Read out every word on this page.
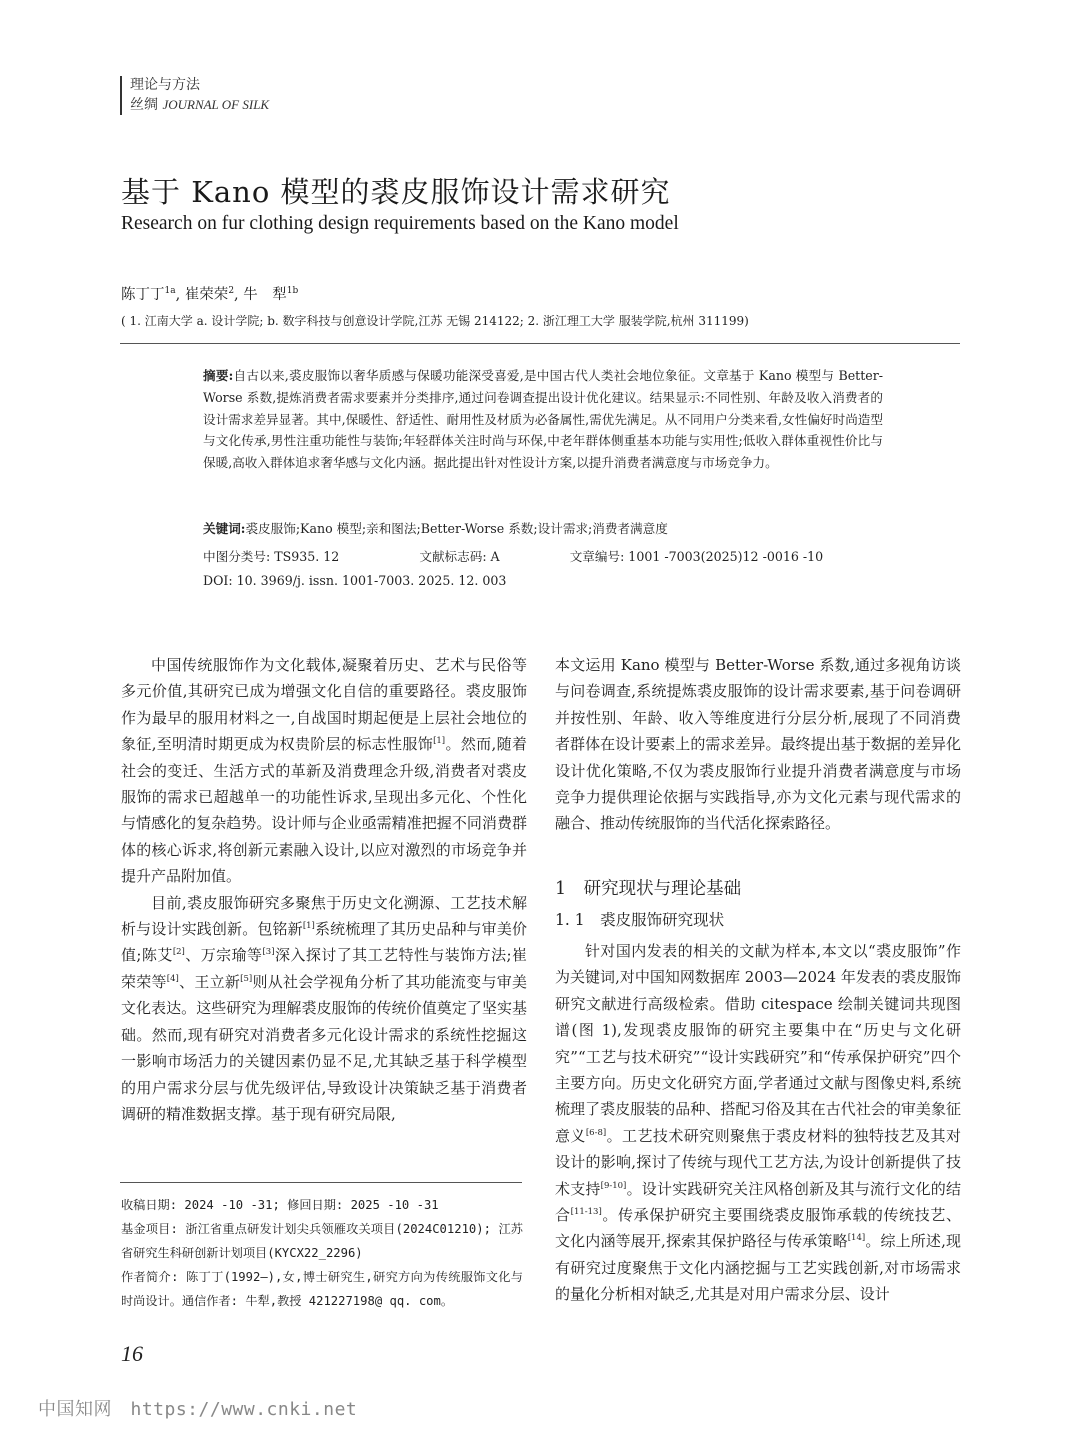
理论与方法
丝绸 JOURNAL OF SILK
基于 Kano 模型的裘皮服饰设计需求研究
Research on fur clothing design requirements based on the Kano model
陈丁丁$^{1a}$, 崔荣荣$^2$, 牛　犁$^{1b}$
( 1. 江南大学 a. 设计学院; b. 数字科技与创意设计学院,江苏 无锡 214122; 2. 浙江理工大学 服装学院,杭州 311199)
摘要:自古以来,裘皮服饰以奢华质感与保暖功能深受喜爱,是中国古代人类社会地位象征。文章基于 Kano 模型与 Better-Worse 系数,提炼消费者需求要素并分类排序,通过问卷调查提出设计优化建议。结果显示:不同性别、年龄及收入消费者的设计需求差异显著。其中,保暖性、舒适性、耐用性及材质为必备属性,需优先满足。从不同用户分类来看,女性偏好时尚造型与文化传承,男性注重功能性与装饰;年轻群体关注时尚与环保,中老年群体侧重基本功能与实用性;低收入群体重视性价比与保暖,高收入群体追求奢华感与文化内涵。据此提出针对性设计方案,以提升消费者满意度与市场竞争力。
关键词:裘皮服饰;Kano 模型;亲和图法;Better-Worse 系数;设计需求;消费者满意度
中图分类号: TS935. 12	文献标志码: A	文章编号: 1001 -7003(2025)12 -0016 -10
DOI: 10. 3969/j. issn. 1001-7003. 2025. 12. 003

中国传统服饰作为文化载体,凝聚着历史、艺术与民俗等多元价值,其研究已成为增强文化自信的重要路径。裘皮服饰作为最早的服用材料之一,自战国时期起便是上层社会地位的象征,至明清时期更成为权贵阶层的标志性服饰[1]。然而,随着社会的变迁、生活方式的革新及消费理念升级,消费者对裘皮服饰的需求已超越单一的功能性诉求,呈现出多元化、个性化与情感化的复杂趋势。设计师与企业亟需精准把握不同消费群体的核心诉求,将创新元素融入设计,以应对激烈的市场竞争并提升产品附加值。

目前,裘皮服饰研究多聚焦于历史文化溯源、工艺技术解析与设计实践创新。包铭新[1]系统梳理了其历史品种与审美价值;陈艾[2]、万宗瑜等[3]深入探讨了其工艺特性与装饰方法;崔荣荣等[4]、王立新[5]则从社会学视角分析了其功能流变与审美文化表达。这些研究为理解裘皮服饰的传统价值奠定了坚实基础。然而,现有研究对消费者多元化设计需求的系统性挖掘这一影响市场活力的关键因素仍显不足,尤其缺乏基于科学模型的用户需求分层与优先级评估,导致设计决策缺乏基于消费者调研的精准数据支撑。基于现有研究局限,

本文运用 Kano 模型与 Better-Worse 系数,通过多视角访谈与问卷调查,系统提炼裘皮服饰的设计需求要素,基于问卷调研并按性别、年龄、收入等维度进行分层分析,展现了不同消费者群体在设计要素上的需求差异。最终提出基于数据的差异化设计优化策略,不仅为裘皮服饰行业提升消费者满意度与市场竞争力提供理论依据与实践指导,亦为文化元素与现代需求的融合、推动传统服饰的当代活化探索路径。

1　研究现状与理论基础
1. 1　裘皮服饰研究现状

针对国内发表的相关的文献为样本,本文以“裘皮服饰”作为关键词,对中国知网数据库 2003—2024 年发表的裘皮服饰研究文献进行高级检索。借助 citespace 绘制关键词共现图谱(图 1),发现裘皮服饰的研究主要集中在“历史与文化研究”“工艺与技术研究”“设计实践研究”和“传承保护研究”四个主要方向。历史文化研究方面,学者通过文献与图像史料,系统梳理了裘皮服装的品种、搭配习俗及其在古代社会的审美象征意义[6-8]。工艺技术研究则聚焦于裘皮材料的独特技艺及其对设计的影响,探讨了传统与现代工艺方法,为设计创新提供了技术支持[9-10]。设计实践研究关注风格创新及其与流行文化的结合[11-13]。传承保护研究主要围绕裘皮服饰承载的传统技艺、文化内涵等展开,探索其保护路径与传承策略[14]。综上所述,现有研究过度聚焦于文化内涵挖掘与工艺实践创新,对市场需求的量化分析相对缺乏,尤其是对用户需求分层、设计

收稿日期: 2024 -10 -31; 修回日期: 2025 -10 -31
基金项目: 浙江省重点研发计划尖兵领雁攻关项目(2024C01210); 江苏省研究生科研创新计划项目(KYCX22_2296)
作者简介: 陈丁丁(1992—),女,博士研究生,研究方向为传统服饰文化与时尚设计。通信作者: 牛犁,教授 421227198@ qq. com。
16
中国知网　https://www.cnki.net
